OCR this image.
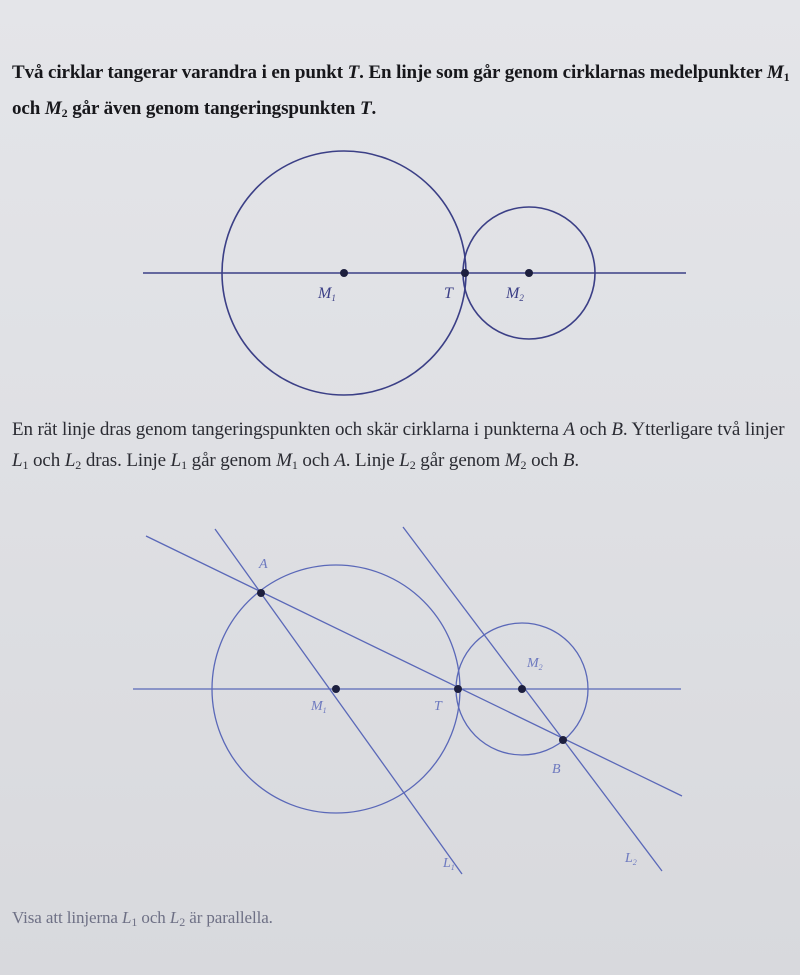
Två cirklar tangerar varandra i en punkt T. En linje som går genom cirklarnas medelpunkter $M_1$ och $M_2$ går även genom tangeringspunkten T.
M1	T	M2
A
$M_1$	T
$M_2$
B
$L_1$
$L_2$
En rät linje dras genom tangeringspunkten och skär cirklarna i punkterna A och B. Ytterligare två linjer $L_1$ och $L_2$ dras. Linje $L_1$ går genom $M_1$ och A. Linje $L_2$ går genom $M_2$ och B.
Visa att linjerna $L_1$ och $L_2$ är parallella.
